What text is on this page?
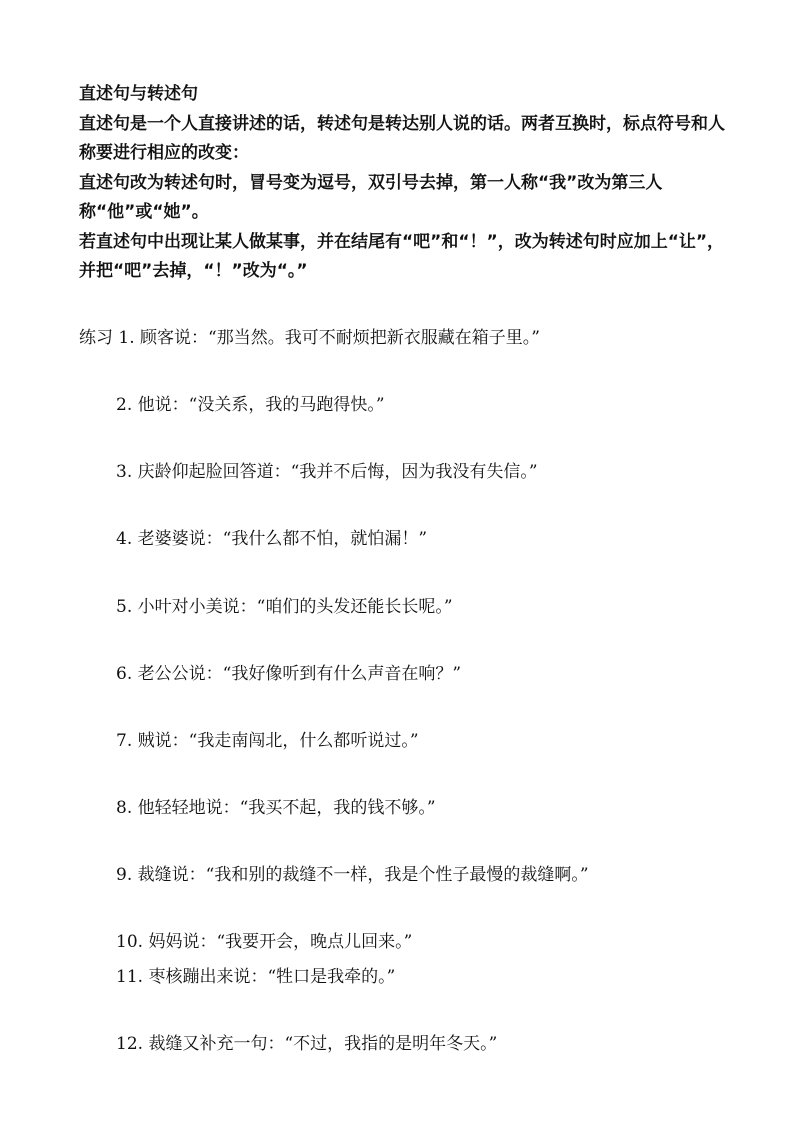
直述句与转述句

直述句是一个人直接讲述的话，转述句是转达别人说的话。两者互换时，标点符号和人称要进行相应的改变：

直述句改为转述句时，冒号变为逗号，双引号去掉，第一人称“我”改为第三人称“他”或“她”。

若直述句中出现让某人做某事，并在结尾有“吧”和“！”，改为转述句时应加上“让”，并把“吧”去掉，“！”改为“。”

练习 1. 顾客说：“那当然。我可不耐烦把新衣服藏在箱子里。”
2. 他说：“没关系，我的马跑得快。”
3. 庆龄仰起脸回答道：“我并不后悔，因为我没有失信。”
4. 老婆婆说：“我什么都不怕，就怕漏！”
5. 小叶对小美说：“咱们的头发还能长长呢。”
6. 老公公说：“我好像听到有什么声音在响？”
7. 贼说：“我走南闯北，什么都听说过。”
8. 他轻轻地说：“我买不起，我的钱不够。”
9. 裁缝说：“我和别的裁缝不一样，我是个性子最慢的裁缝啊。”
10. 妈妈说：“我要开会，晚点儿回来。”
11. 枣核蹦出来说：“牲口是我牵的。”
12. 裁缝又补充一句：“不过，我指的是明年冬天。”
